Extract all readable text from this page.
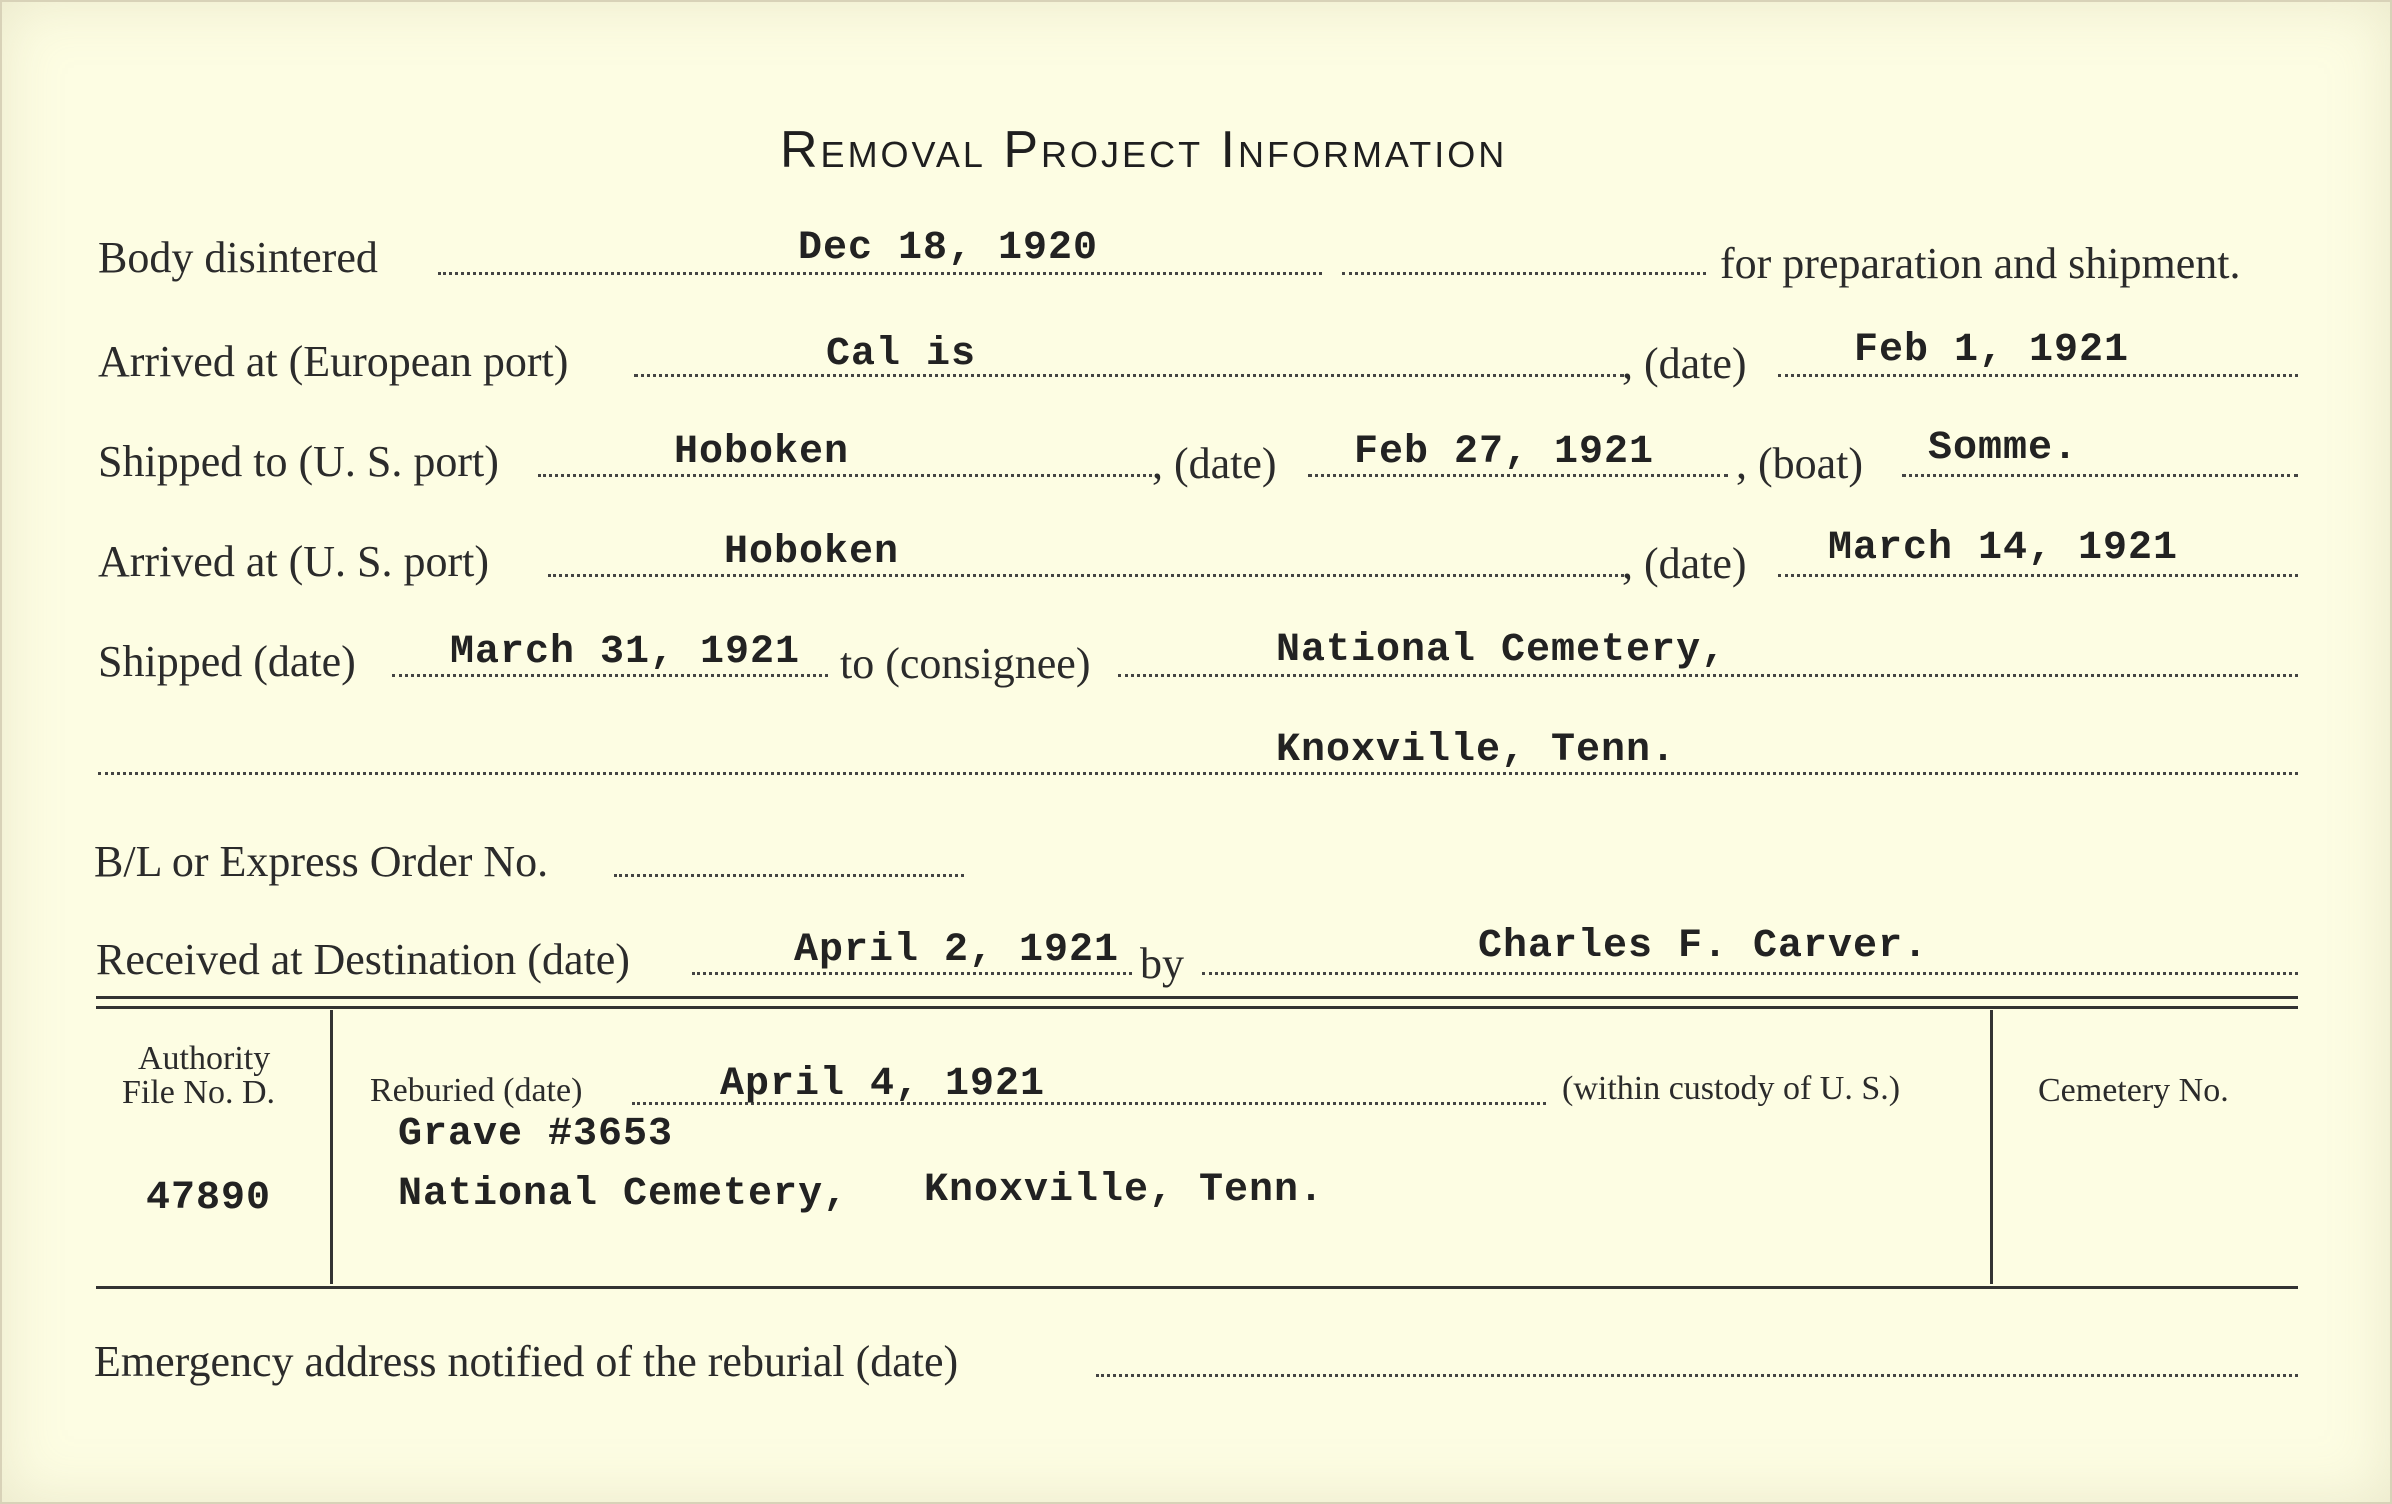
Removal Project Information
Body disintered	Dec 18, 1920	for preparation and shipment.
Arrived at (European port)	Cal is	, (date)	Feb 1, 1921
Shipped to (U. S. port)	Hoboken	, (date) Feb 27, 1921 , (boat) Somme.
Arrived at (U. S. port)	Hoboken	, (date) March 14, 1921
Shipped (date) March 31, 1921 to (consignee)	National Cemetery,
Knoxville, Tenn.
B/L or Express Order No.
Received at Destination (date)	April 2, 1921 by	Charles F. Carver.
Authority
File No. D.
47890
Reburied (date)	April 4, 1921	(within custody of U. S.)
Grave #3653
National Cemetery, Knoxville, Tenn.
Cemetery No.
Emergency address notified of the reburial (date)
